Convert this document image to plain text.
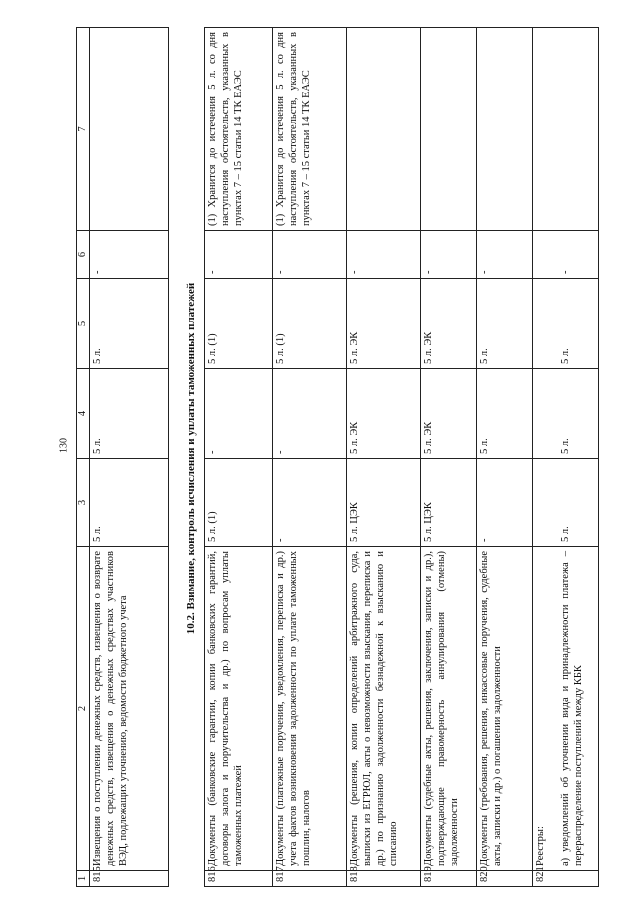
130
1	2	3	4	5	6	7
815	Извещения о поступлении денежных средств, извещения о возврате денежных средств, извещения о денежных средствах участников ВЭД, подлежащих уточнению, ведомости бюджетного учета	5 л.	5 л.	5 л.	-	
10.2. Взимание, контроль исчисления и уплаты таможенных платежей
816	Документы (банковские гарантии, копии банковских гарантий, договоры залога и поручительства и др.) по вопросам уплаты таможенных платежей	5 л. (1)	-	5 л. (1)	-	(1) Хранится до истечения 5 л. со дня наступления обстоятельств, указанных в пунктах 7 – 15 статьи 14 ТК ЕАЭС
817	Документы (платежные поручения, уведомления, переписка и др.) учета фактов возникновения задолженности по уплате таможенных пошлин, налогов	-	-	5 л. (1)	-	(1) Хранится до истечения 5 л. со дня наступления обстоятельств, указанных в пунктах 7 – 15 статьи 14 ТК ЕАЭС
818	Документы (решения, копии определений арбитражного суда, выписки из ЕГРЮЛ, акты о невозможности взыскания, переписка и др.) по признанию задолженности безнадежной к взысканию и списанию	5 л. ЦЭК	5 л. ЭК	5 л. ЭК	-	
819	Документы (судебные акты, решения, заключения, записки и др.), подтверждающие правомерность аннулирования (отмены) задолженности	5 л. ЦЭК	5 л. ЭК	5 л. ЭК	-	
820	Документы (требования, решения, инкассовые поручения, судебные акты, записки и др.) о погашении задолженности	-	5 л.	5 л.	-	
821	Реестры: а) уведомлений об уточнении вида и принадлежности платежа – перераспределение поступлений между КБК	5 л.	5 л.	5 л.	-	
